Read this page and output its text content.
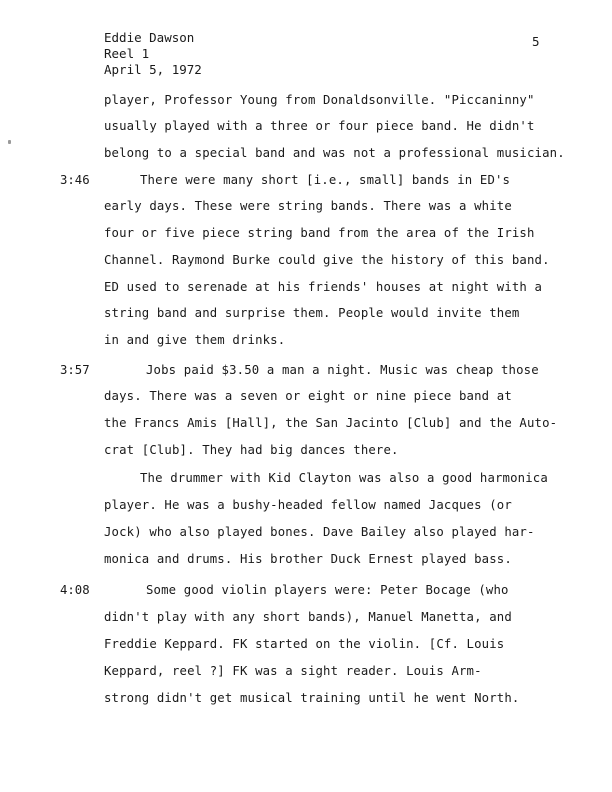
Eddie Dawson
Reel 1
April 5, 1972
5
3:46
3:57
4:08
player, Professor Young from Donaldsonville. "Piccaninny"
usually played with a three or four piece band. He didn't
belong to a special band and was not a professional musician.
There were many short [i.e., small] bands in ED's
early days. These were string bands. There was a white
four or five piece string band from the area of the Irish
Channel. Raymond Burke could give the history of this band.
ED used to serenade at his friends' houses at night with a
string band and surprise them. People would invite them
in and give them drinks.
Jobs paid $3.50 a man a night. Music was cheap those
days. There was a seven or eight or nine piece band at
the Francs Amis [Hall], the San Jacinto [Club] and the Auto-
crat [Club]. They had big dances there.
The drummer with Kid Clayton was also a good harmonica
player. He was a bushy-headed fellow named Jacques (or
Jock) who also played bones. Dave Bailey also played har-
monica and drums. His brother Duck Ernest played bass.
Some good violin players were: Peter Bocage (who
didn't play with any short bands), Manuel Manetta, and
Freddie Keppard. FK started on the violin. [Cf. Louis
Keppard, reel ?] FK was a sight reader. Louis Arm-
strong didn't get musical training until he went North.
